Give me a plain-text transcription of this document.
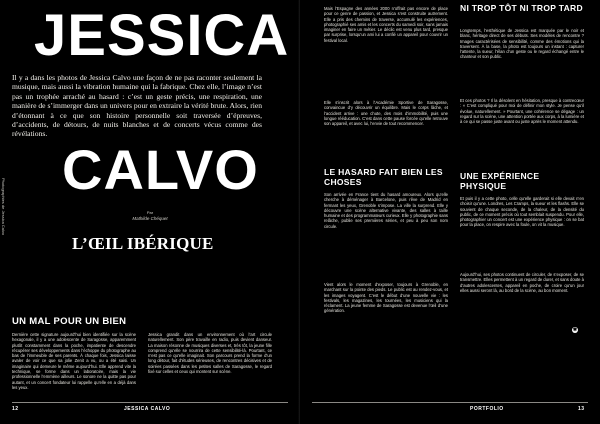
JESSICA

Il y a dans les photos de Jessica Calvo une façon de ne pas raconter seulement la musique, mais aussi la vibration humaine qui la fabrique. Chez elle, l’image n’est pas un trophée arraché au hasard : c’est un geste précis, une respiration, une manière de s’immerger dans un univers pour en extraire la vérité brute. Alors, rien d’étonnant à ce que son histoire personnelle soit traversée d’épreuves, d’accidents, de détours, de nuits blanches et de concerts vécus comme des révélations.

CALVO
Par
Mathilde Chéquet
L’ŒIL IBÉRIQUE
Photographies de Jessica Calvo
UN MAL POUR UN BIEN

Dernière cette signature aujourd’hui bien identifiée sur la scène hexagonale, il y a une adolescente de Saragosse, apparemment plutôt constamment dans la poche, impatiente de descendre récupérer ses développements dans l’échoppe du photographe au bas de l’immeuble de ses parents. À chaque fois, Jessica laisse avaler de voir ce que sa jolie Zenit a vu, ou a été saisi. Un imaginaire qui demeure le même aujourd’hui. Elle apprend vite la technique, se forme dans un laboratoire, mais la vie professionnelle l’emmène ailleurs. Le sonore ne la quitte pas pour autant, et un concert fondateur lui rappelle qu’elle en a déjà dans les yeux.

Jessica grandit dans un environnement où l’art circule naturellement. Son père travaille en radio, puis devient danseur. La maison résonne de musiques diverses et, très tôt, la jeune fille comprend qu’elle se nourrira de cette sensibilité-là. Pourtant, ce n’est pas ce qu’elle imaginait. Son parcours prend la forme d’un long détour, fait d’études sérieuses, de rencontres décisives et de soirées passées dans les petites salles de Saragosse, le regard fixé sur celles et ceux qui montent sur scène.

12	JESSICA CALVO

Mais l’Espagne des années 2000 n’offrait pas encore de place pour ce genre de passion, et Jessica s’est construite autrement. Elle a pris des chemins de traverse, accumulé les expériences, photographié ses amis et les concerts du samedi soir, sans jamais imaginer en faire un métier. Le déclic est venu plus tard, presque par surprise, lorsqu’un ami lui a confié un appareil pour couvrir un festival local.

Elle s’inscrit alors à l’Académie Sportive de Saragosse, convaincue d’y découvrir un équilibre. Mais le corps lâche, et l’accident arrive : une chute, des mois d’immobilité, puis une longue rééducation. C’est dans cette pause forcée qu’elle retrouve son appareil, et avec lui, l’envie de tout recommencer.

LE HASARD FAIT BIEN LES CHOSES

Son arrivée en France tient du hasard amoureux. Alors qu’elle cherche à déménager à Barcelone, puis rêve de Madrid en fermant les yeux, Grenoble s’impose. La ville la surprend. Elle y découvre une scène alternative vivante, des salles à taille humaine et des programmateurs curieux. Elle y photographie sans relâche, publie ses premières séries, et peu à peu son nom circule.

Vient alors le moment d’exposer, toujours à Grenoble, en marchant sur la pointe des pieds. Le public est au rendez-vous, et les images voyagent. C’est le début d’une nouvelle vie : les festivals, les magazines, les tournées, les musiciens qui la réclament. La jeune femme de Saragosse est devenue l’œil d’une génération.

NI TROP TÔT NI TROP TARD

Longtemps, l’esthétique de Jessica est marquée par le noir et blanc, héritage direct de ses débuts. Ses modèles de rencontre ? Images caractérisées de sensibilité, comme des émotions qui la traversent. À la base, la photo est toujours un instant : capturer l’attente, la sueur, l’élan d’un geste ou le regard échangé entre le chanteur et son public.

Et ces photos ? Il la désolent en hésitation, presque à contrecœur : « C’est compliqué pour moi de définir mon style. Je pense qu’il évolue, naturellement. » Pourtant, une cohérence se dégage : un regard sur la scène, une attention portée aux corps, à la lumière et à ce qui se passe juste avant ou juste après le moment attendu.

UNE EXPÉRIENCE PHYSIQUE

Et puis il y a cette photo, celle qu’elle garderait si elle devait n’en choisir qu’une. Londres, Les Cramps, la sueur et les flashs. Elle se souvient de chaque seconde, de la chaleur, de la densité du public, de ce moment précis où tout semblait suspendu. Pour elle, photographier un concert est une expérience physique : on se bat pour la place, on respire avec la foule, on vit la musique.

Aujourd’hui, ses photos continuent de circuler, de s’exposer, de se transmettre. Elles permettent à un regard de durer, et sans doute à d’autres adolescentes, appareil en poche, de croire qu’un jour elles aussi seront là, au bord de la scène, au bon moment.

✱
PORTFOLIO	13
